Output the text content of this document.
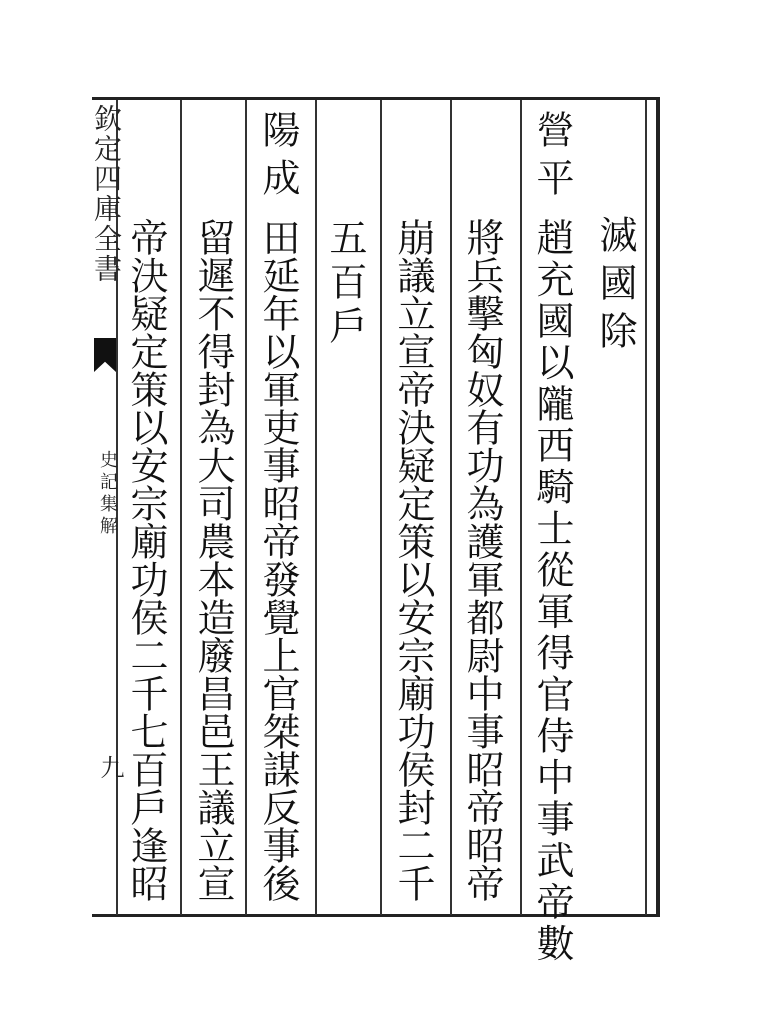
欽定四庫全書
史記集解
九
滅國除
營平
趙充國以隴西騎士從軍得官侍中事武帝數
將兵擊匈奴有功為護軍都尉中事昭帝昭帝
崩議立宣帝決疑定策以安宗廟功侯封二千
五百戶
陽成
田延年以軍吏事昭帝發覺上官桀謀反事後
留遲不得封為大司農本造廢昌邑王議立宣
帝決疑定策以安宗廟功侯二千七百戶逢昭
